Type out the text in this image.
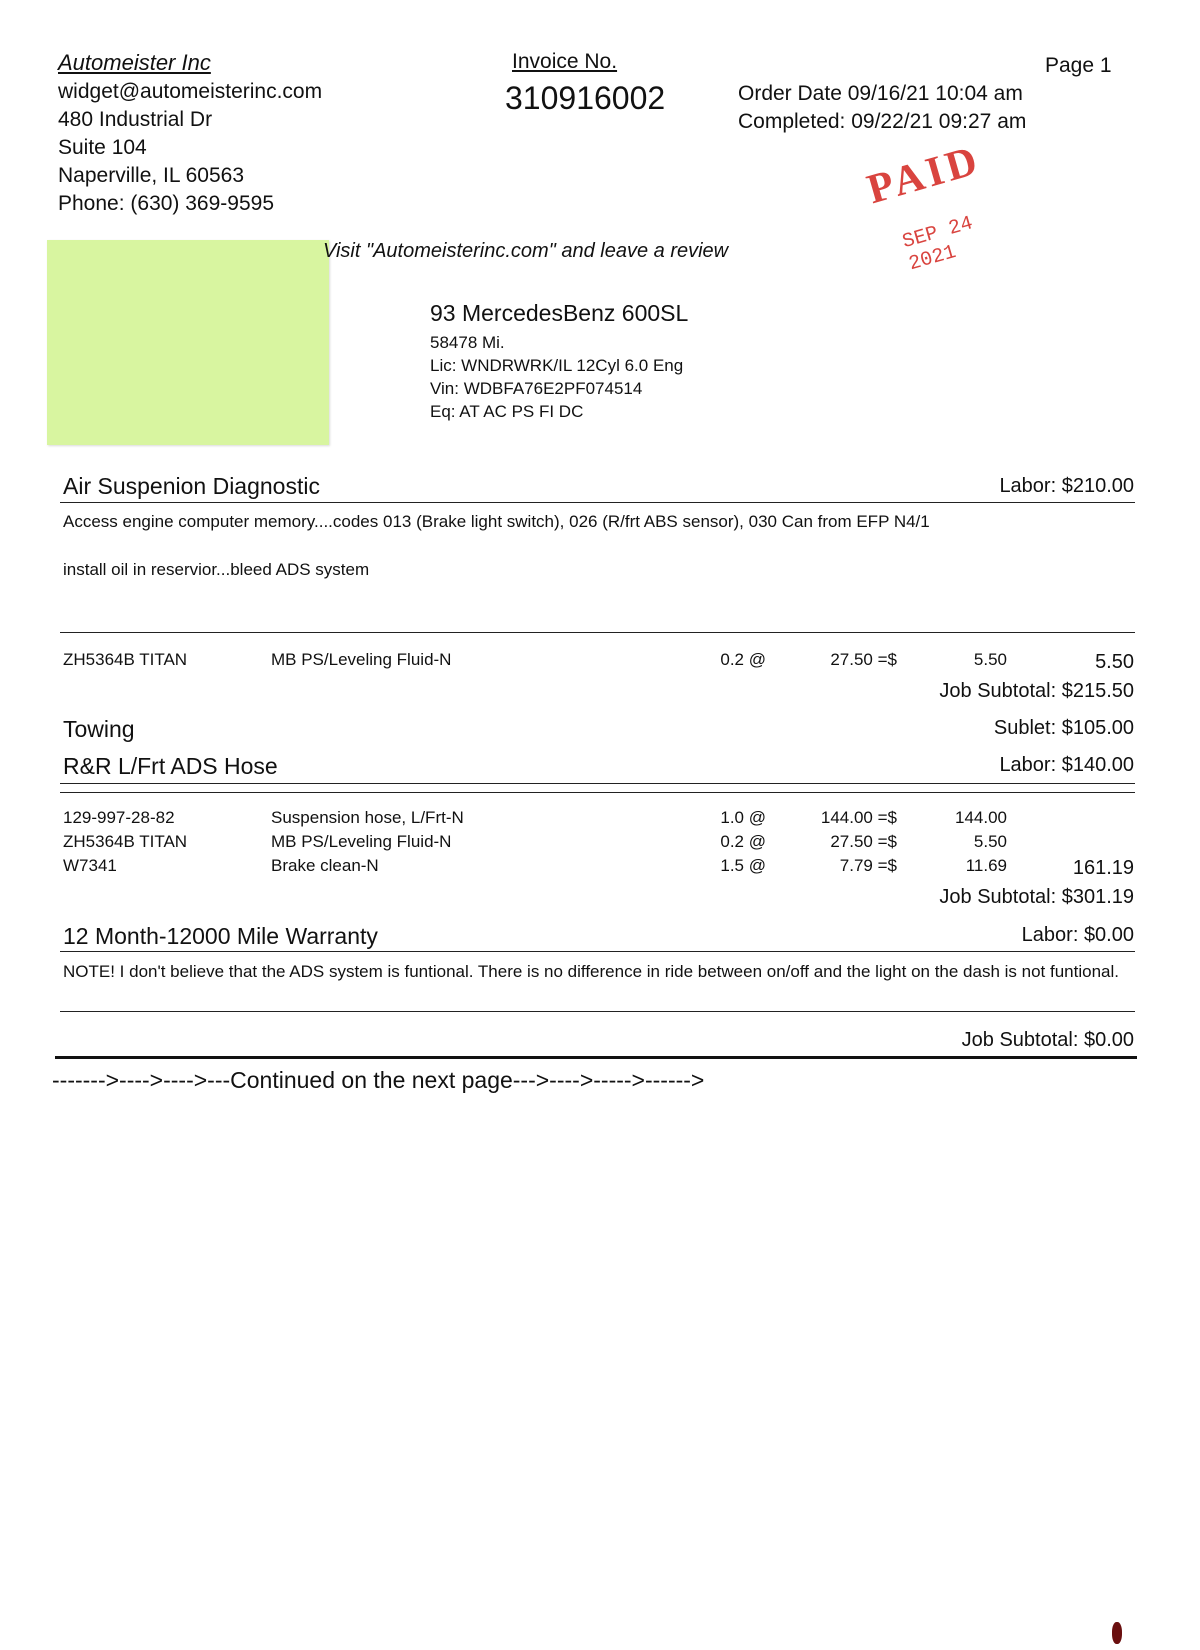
Automeister Inc
widget@automeisterinc.com
480 Industrial Dr
Suite 104
Naperville, IL 60563
Phone: (630) 369-9595
Invoice No.
310916002
Page 1
Order Date 09/16/21 10:04 am
Completed: 09/22/21 09:27 am
PAID
SEP 24 2021
Visit "Automeisterinc.com" and leave a review
93 MercedesBenz 600SL
58478 Mi.
Lic: WNDRWRK/IL 12Cyl 6.0 Eng
Vin: WDBFA76E2PF074514
Eq: AT AC PS FI DC
Air Suspenion Diagnostic	Labor: $210.00
Access engine computer memory....codes 013 (Brake light switch), 026 (R/frt ABS sensor), 030 Can from EFP N4/1
install oil in reservior...bleed ADS system
ZH5364B TITAN	MB PS/Leveling Fluid-N	0.2 @	27.50 =$	5.50	5.50
Job Subtotal: $215.50
Towing	Sublet: $105.00
R&R L/Frt ADS Hose	Labor: $140.00
129-997-28-82	Suspension hose, L/Frt-N	1.0 @	144.00 =$	144.00
ZH5364B TITAN	MB PS/Leveling Fluid-N	0.2 @	27.50 =$	5.50
W7341	Brake clean-N	1.5 @	7.79 =$	11.69	161.19
Job Subtotal: $301.19
12 Month-12000 Mile Warranty	Labor: $0.00
NOTE! I don't believe that the ADS system is funtional. There is no difference in ride between on/off and the light on the dash is not funtional.
Job Subtotal: $0.00
------->---->---->---Continued on the next page--->---->----->------>
